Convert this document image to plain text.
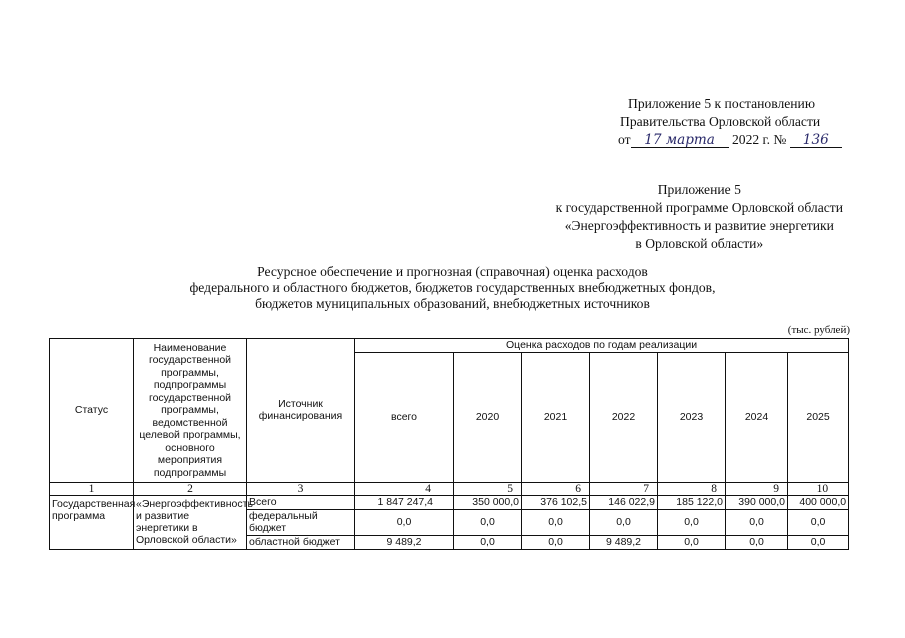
Приложение 5 к постановлению
Правительства Орловской области
от 17 марта 2022 г. № 136
Приложение 5
к государственной программе Орловской области
«Энергоэффективность и развитие энергетики
в Орловской области»
Ресурсное обеспечение и прогнозная (справочная) оценка расходов
федерального и областного бюджетов, бюджетов государственных внебюджетных фондов,
бюджетов муниципальных образований, внебюджетных источников
(тыс. рублей)
Статус	Наименование государственной программы, подпрограммы государственной программы, ведомственной целевой программы, основного мероприятия подпрограммы	Источник финансирования	Оценка расходов по годам реализации						
			всего	2020	2021	2022	2023	2024	2025
1	2	3	4	5	6	7	8	9	10
Государственная программа	«Энергоэффективность и развитие энергетики в Орловской области»	Всего	1 847 247,4	350 000,0	376 102,5	146 022,9	185 122,0	390 000,0	400 000,0
		федеральный бюджет	0,0	0,0	0,0	0,0	0,0	0,0	0,0
		областной бюджет	9 489,2	0,0	0,0	9 489,2	0,0	0,0	0,0
